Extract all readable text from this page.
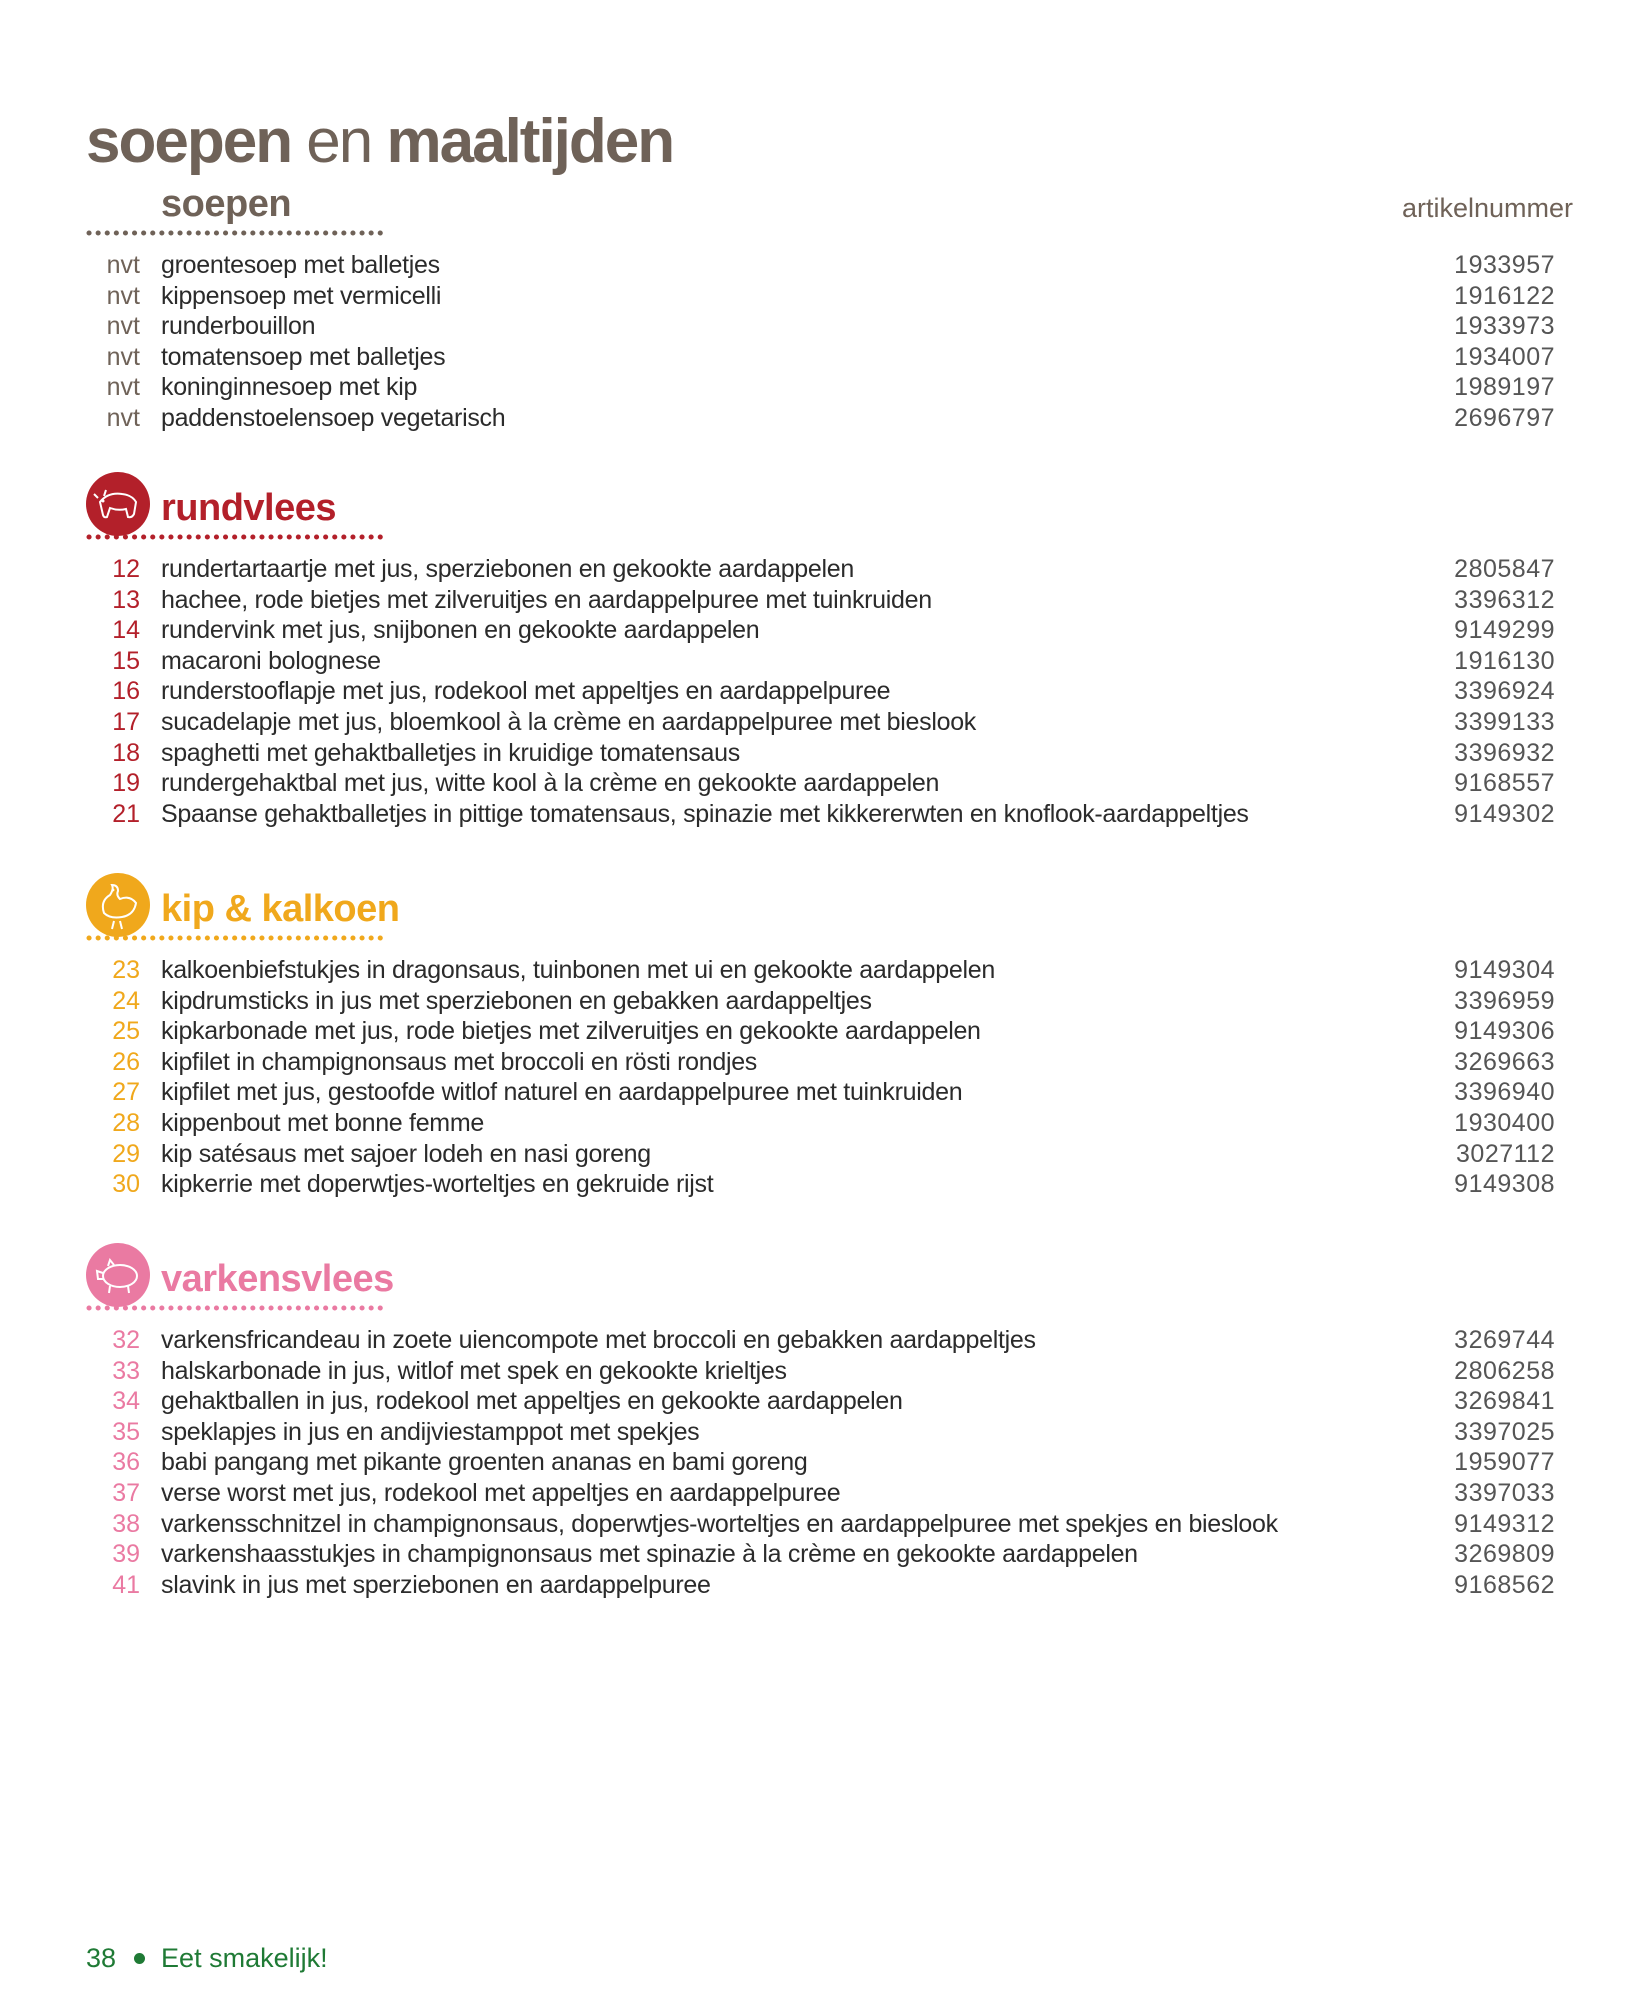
soepen en maaltijden
soepen	artikelnummer
nvt groentesoep met balletjes	1933957
nvt kippensoep met vermicelli	1916122
nvt runderbouillon	1933973
nvt tomatensoep met balletjes	1934007
nvt koninginnesoep met kip	1989197
nvt paddenstoelensoep vegetarisch	2696797
rundvlees
12 rundertartaartje met jus, sperziebonen en gekookte aardappelen	2805847
13 hachee, rode bietjes met zilveruitjes en aardappelpuree met tuinkruiden	3396312
14 rundervink met jus, snijbonen en gekookte aardappelen	9149299
15 macaroni bolognese	1916130
16 runderstooflapje met jus, rodekool met appeltjes en aardappelpuree	3396924
17 sucadelapje met jus, bloemkool à la crème en aardappelpuree met bieslook	3399133
18 spaghetti met gehaktballetjes in kruidige tomatensaus	3396932
19 rundergehaktbal met jus, witte kool à la crème en gekookte aardappelen	9168557
21 Spaanse gehaktballetjes in pittige tomatensaus, spinazie met kikkererwten en knoflook-aardappeltjes	9149302
kip & kalkoen
23 kalkoenbiefstukjes in dragonsaus, tuinbonen met ui en gekookte aardappelen	9149304
24 kipdrumsticks in jus met sperziebonen en gebakken aardappeltjes	3396959
25 kipkarbonade met jus, rode bietjes met zilveruitjes en gekookte aardappelen	9149306
26 kipfilet in champignonsaus met broccoli en rösti rondjes	3269663
27 kipfilet met jus, gestoofde witlof naturel en aardappelpuree met tuinkruiden	3396940
28 kippenbout met bonne femme	1930400
29 kip satésaus met sajoer lodeh en nasi goreng	3027112
30 kipkerrie met doperwtjes-worteltjes en gekruide rijst	9149308
varkensvlees
32 varkensfricandeau in zoete uiencompote met broccoli en gebakken aardappeltjes	3269744
33 halskarbonade in jus, witlof met spek en gekookte krieltjes	2806258
34 gehaktballen in jus, rodekool met appeltjes en gekookte aardappelen	3269841
35 speklapjes in jus en andijviestamppot met spekjes	3397025
36 babi pangang met pikante groenten ananas en bami goreng	1959077
37 verse worst met jus, rodekool met appeltjes en aardappelpuree	3397033
38 varkensschnitzel in champignonsaus, doperwtjes-worteltjes en aardappelpuree met spekjes en bieslook	9149312
39 varkenshaasstukjes in champignonsaus met spinazie à la crème en gekookte aardappelen	3269809
41 slavink in jus met sperziebonen en aardappelpuree	9168562
38 Eet smakelijk!
